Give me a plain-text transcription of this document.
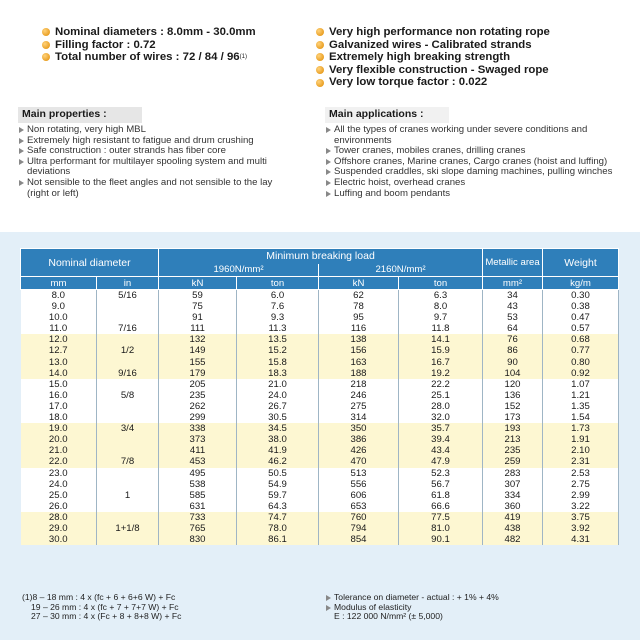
Nominal diameters : 8.0mm - 30.0mm
Filling factor : 0.72
Total number of wires : 72 / 84 / 96 (1)
Very high performance non rotating rope
Galvanized wires - Calibrated strands
Extremely high breaking strength
Very flexible construction - Swaged rope
Very low torque factor : 0.022
Main properties :
Non rotating, very high MBL
Extremely high resistant to fatigue and drum crushing
Safe construction : outer strands has fiber core
Ultra performant for multilayer spooling system and multi deviations
Not sensible to the fleet angles and not sensible to the lay (right or left)
Main applications :
All the types of cranes working under severe conditions and environments
Tower cranes, mobiles cranes, drilling cranes
Offshore cranes, Marine cranes, Cargo cranes (hoist and luffing)
Suspended craddles, ski slope daming machines, pulling winches
Electric hoist, overhead cranes
Luffing and boom pendants
Nominal diameter		Minimum breaking load				Metallic area	Weight
		1960N/mm²		2160N/mm²			
mm	in	kN	ton	kN	ton	mm²	kg/m
8.0	5/16	59	6.0	62	6.3	34	0.30
9.0		75	7.6	78	8.0	43	0.38
10.0		91	9.3	95	9.7	53	0.47
11.0	7/16	111	11.3	116	11.8	64	0.57
12.0		132	13.5	138	14.1	76	0.68
12.7	1/2	149	15.2	156	15.9	86	0.77
13.0		155	15.8	163	16.7	90	0.80
14.0	9/16	179	18.3	188	19.2	104	0.92
15.0		205	21.0	218	22.2	120	1.07
16.0	5/8	235	24.0	246	25.1	136	1.21
17.0		262	26.7	275	28.0	152	1.35
18.0		299	30.5	314	32.0	173	1.54
19.0	3/4	338	34.5	350	35.7	193	1.73
20.0		373	38.0	386	39.4	213	1.91
21.0		411	41.9	426	43.4	235	2.10
22.0	7/8	453	46.2	470	47.9	259	2.31
23.0		495	50.5	513	52.3	283	2.53
24.0		538	54.9	556	56.7	307	2.75
25.0	1	585	59.7	606	61.8	334	2.99
26.0		631	64.3	653	66.6	360	3.22
28.0		733	74.7	760	77.5	419	3.75
29.0	1+1/8	765	78.0	794	81.0	438	3.92
30.0		830	86.1	854	90.1	482	4.31
(1)8 – 18 mm : 4 x (fc + 6 + 6+6 W) + Fc
19 – 26 mm : 4 x (fc + 7 + 7+7 W) + Fc
27 – 30 mm : 4 x (Fc + 8 + 8+8 W) + Fc
Tolerance on diameter - actual : + 1% + 4%
Modulus of elasticity
E : 122 000 N/mm² (± 5,000)
